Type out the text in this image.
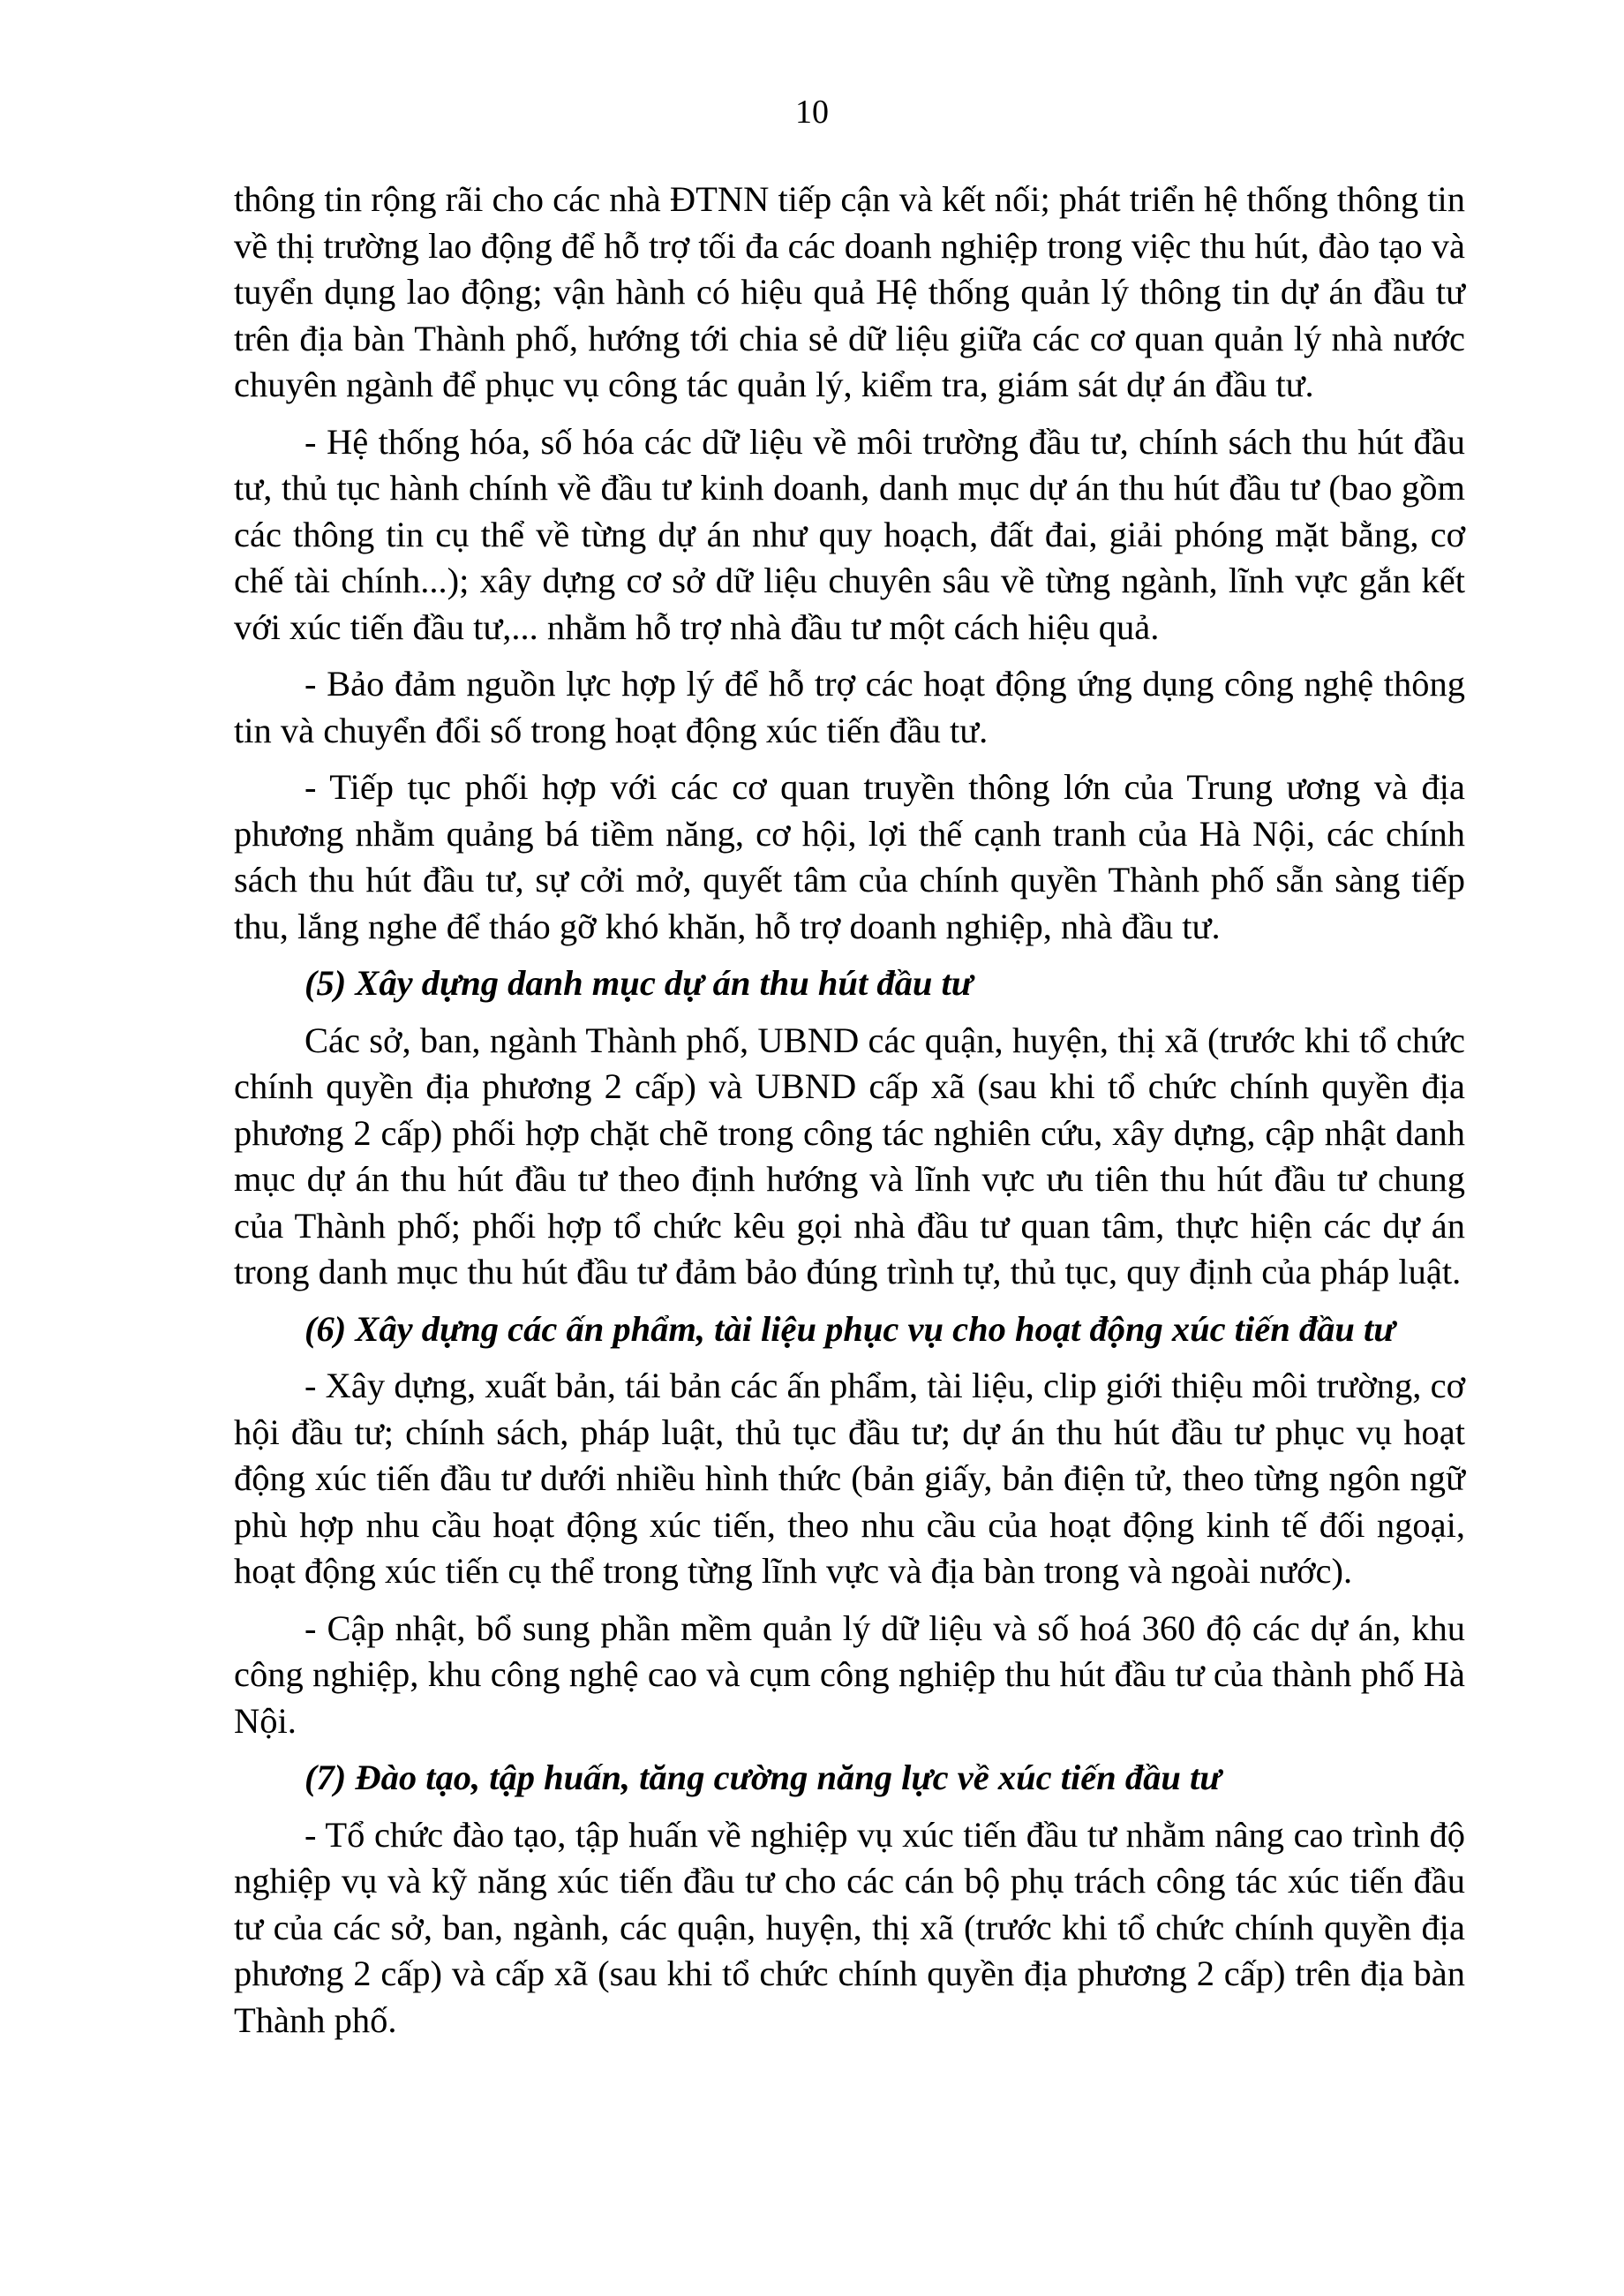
10

thông tin rộng rãi cho các nhà ĐTNN tiếp cận và kết nối; phát triển hệ thống thông tin về thị trường lao động để hỗ trợ tối đa các doanh nghiệp trong việc thu hút, đào tạo và tuyển dụng lao động; vận hành có hiệu quả Hệ thống quản lý thông tin dự án đầu tư trên địa bàn Thành phố, hướng tới chia sẻ dữ liệu giữa các cơ quan quản lý nhà nước chuyên ngành để phục vụ công tác quản lý, kiểm tra, giám sát dự án đầu tư.

- Hệ thống hóa, số hóa các dữ liệu về môi trường đầu tư, chính sách thu hút đầu tư, thủ tục hành chính về đầu tư kinh doanh, danh mục dự án thu hút đầu tư (bao gồm các thông tin cụ thể về từng dự án như quy hoạch, đất đai, giải phóng mặt bằng, cơ chế tài chính...); xây dựng cơ sở dữ liệu chuyên sâu về từng ngành, lĩnh vực gắn kết với xúc tiến đầu tư,... nhằm hỗ trợ nhà đầu tư một cách hiệu quả.

- Bảo đảm nguồn lực hợp lý để hỗ trợ các hoạt động ứng dụng công nghệ thông tin và chuyển đổi số trong hoạt động xúc tiến đầu tư.

- Tiếp tục phối hợp với các cơ quan truyền thông lớn của Trung ương và địa phương nhằm quảng bá tiềm năng, cơ hội, lợi thế cạnh tranh của Hà Nội, các chính sách thu hút đầu tư, sự cởi mở, quyết tâm của chính quyền Thành phố sẵn sàng tiếp thu, lắng nghe để tháo gỡ khó khăn, hỗ trợ doanh nghiệp, nhà đầu tư.

(5) Xây dựng danh mục dự án thu hút đầu tư

Các sở, ban, ngành Thành phố, UBND các quận, huyện, thị xã (trước khi tổ chức chính quyền địa phương 2 cấp) và UBND cấp xã (sau khi tổ chức chính quyền địa phương 2 cấp) phối hợp chặt chẽ trong công tác nghiên cứu, xây dựng, cập nhật danh mục dự án thu hút đầu tư theo định hướng và lĩnh vực ưu tiên thu hút đầu tư chung của Thành phố; phối hợp tổ chức kêu gọi nhà đầu tư quan tâm, thực hiện các dự án trong danh mục thu hút đầu tư đảm bảo đúng trình tự, thủ tục, quy định của pháp luật.

(6) Xây dựng các ấn phẩm, tài liệu phục vụ cho hoạt động xúc tiến đầu tư

- Xây dựng, xuất bản, tái bản các ấn phẩm, tài liệu, clip giới thiệu môi trường, cơ hội đầu tư; chính sách, pháp luật, thủ tục đầu tư; dự án thu hút đầu tư phục vụ hoạt động xúc tiến đầu tư dưới nhiều hình thức (bản giấy, bản điện tử, theo từng ngôn ngữ phù hợp nhu cầu hoạt động xúc tiến, theo nhu cầu của hoạt động kinh tế đối ngoại, hoạt động xúc tiến cụ thể trong từng lĩnh vực và địa bàn trong và ngoài nước).

- Cập nhật, bổ sung phần mềm quản lý dữ liệu và số hoá 360 độ các dự án, khu công nghiệp, khu công nghệ cao và cụm công nghiệp thu hút đầu tư của thành phố Hà Nội.

(7) Đào tạo, tập huấn, tăng cường năng lực về xúc tiến đầu tư

- Tổ chức đào tạo, tập huấn về nghiệp vụ xúc tiến đầu tư nhằm nâng cao trình độ nghiệp vụ và kỹ năng xúc tiến đầu tư cho các cán bộ phụ trách công tác xúc tiến đầu tư của các sở, ban, ngành, các quận, huyện, thị xã (trước khi tổ chức chính quyền địa phương 2 cấp) và cấp xã (sau khi tổ chức chính quyền địa phương 2 cấp) trên địa bàn Thành phố.
